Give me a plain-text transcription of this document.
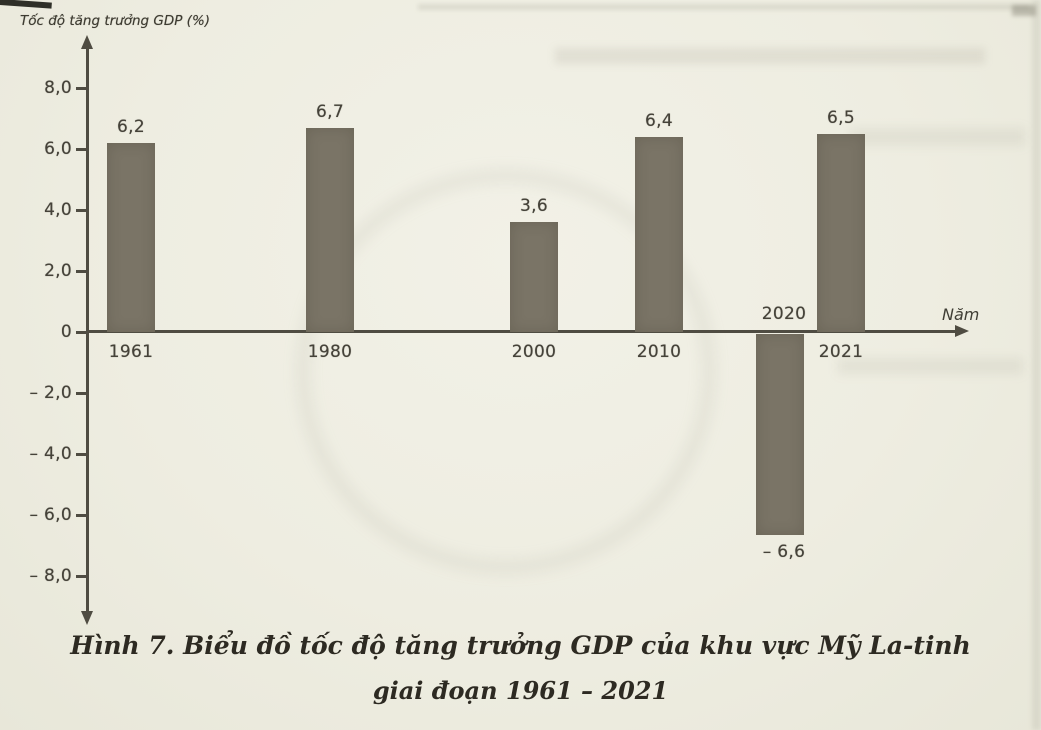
Tốc độ tăng trưởng GDP (%)
Năm
8,0
6,0
4,0
2,0
0
– 2,0
– 4,0
– 6,0
– 8,0
6,2
1961
6,7
1980
3,6
2000
6,4
2010
– 6,6
2020
6,5
2021
Hình 7. Biểu đồ tốc độ tăng trưởng GDP của khu vực Mỹ La-tinh
giai đoạn 1961 – 2021
